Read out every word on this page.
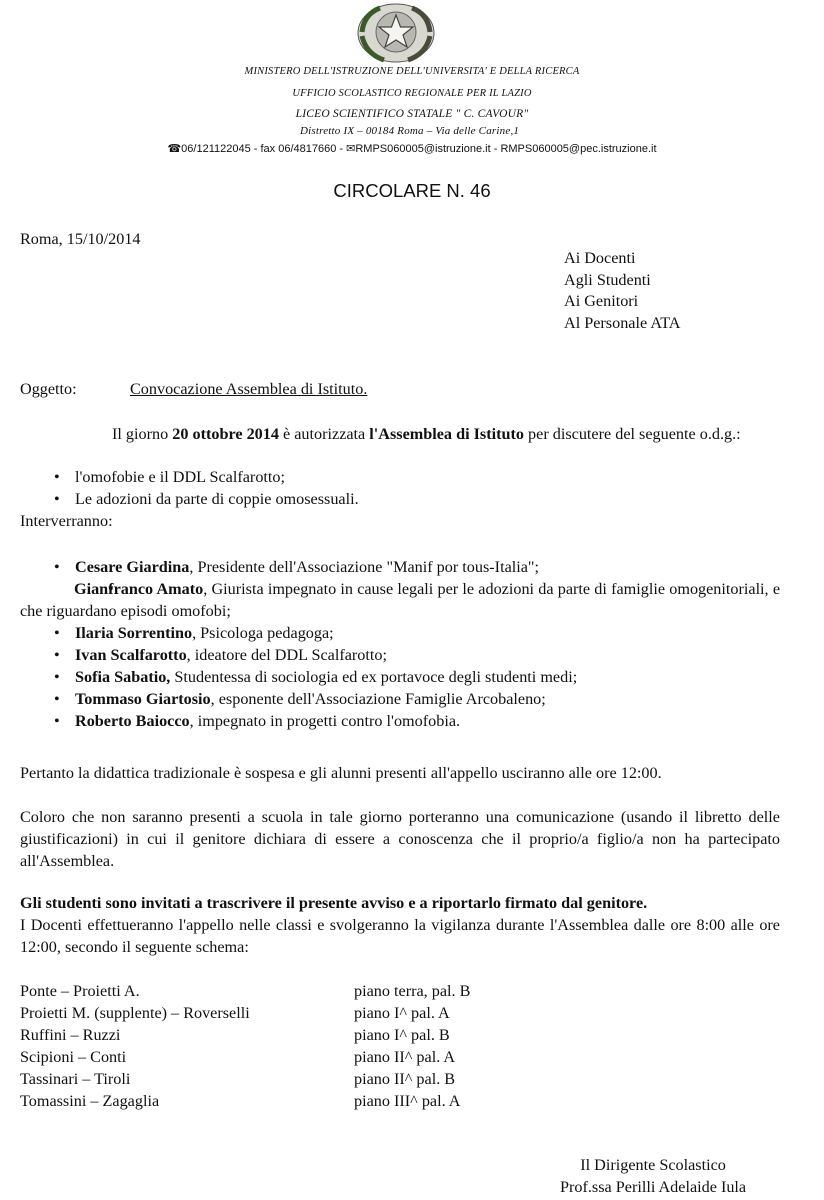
MINISTERO DELL'ISTRUZIONE DELL'UNIVERSITA' E DELLA RICERCA
UFFICIO SCOLASTICO REGIONALE PER IL LAZIO
LICEO SCIENTIFICO STATALE " C. CAVOUR"
Distretto IX – 00184 Roma – Via delle Carine,1
☎06/121122045 - fax 06/4817660 - ✉RMPS060005@istruzione.it - RMPS060005@pec.istruzione.it
CIRCOLARE N. 46
Roma, 15/10/2014
Ai Docenti
Agli Studenti
Ai Genitori
Al Personale ATA
Oggetto:	Convocazione Assemblea di Istituto.
Il giorno 20 ottobre 2014 è autorizzata l'Assemblea di Istituto per discutere del seguente o.d.g.:
• l'omofobie e il DDL Scalfarotto;
• Le adozioni da parte di coppie omosessuali.
Interverranno:
• Cesare Giardina, Presidente dell'Associazione "Manif por tous-Italia";
• Gianfranco Amato, Giurista impegnato in cause legali per le adozioni da parte di famiglie omogenitoriali, e che riguardano episodi omofobi;
• Ilaria Sorrentino, Psicologa pedagoga;
• Ivan Scalfarotto, ideatore del DDL Scalfarotto;
• Sofia Sabatio, Studentessa di sociologia ed ex portavoce degli studenti medi;
• Tommaso Giartosio, esponente dell'Associazione Famiglie Arcobaleno;
• Roberto Baiocco, impegnato in progetti contro l'omofobia.
Pertanto la didattica tradizionale è sospesa e gli alunni presenti all'appello usciranno alle ore 12:00.
Coloro che non saranno presenti a scuola in tale giorno porteranno una comunicazione (usando il libretto delle giustificazioni) in cui il genitore dichiara di essere a conoscenza che il proprio/a figlio/a non ha partecipato all'Assemblea.
Gli studenti sono invitati a trascrivere il presente avviso e a riportarlo firmato dal genitore.
I Docenti effettueranno l'appello nelle classi e svolgeranno la vigilanza durante l'Assemblea dalle ore 8:00 alle ore 12:00, secondo il seguente schema:
Ponte – Proietti A.	piano terra, pal. B
Proietti M. (supplente) – Roverselli	piano I^ pal. A
Ruffini – Ruzzi	piano I^ pal. B
Scipioni – Conti	piano II^ pal. A
Tassinari – Tiroli	piano II^ pal. B
Tomassini – Zagaglia	piano III^ pal. A
Il Dirigente Scolastico
Prof.ssa Perilli Adelaide Iula
